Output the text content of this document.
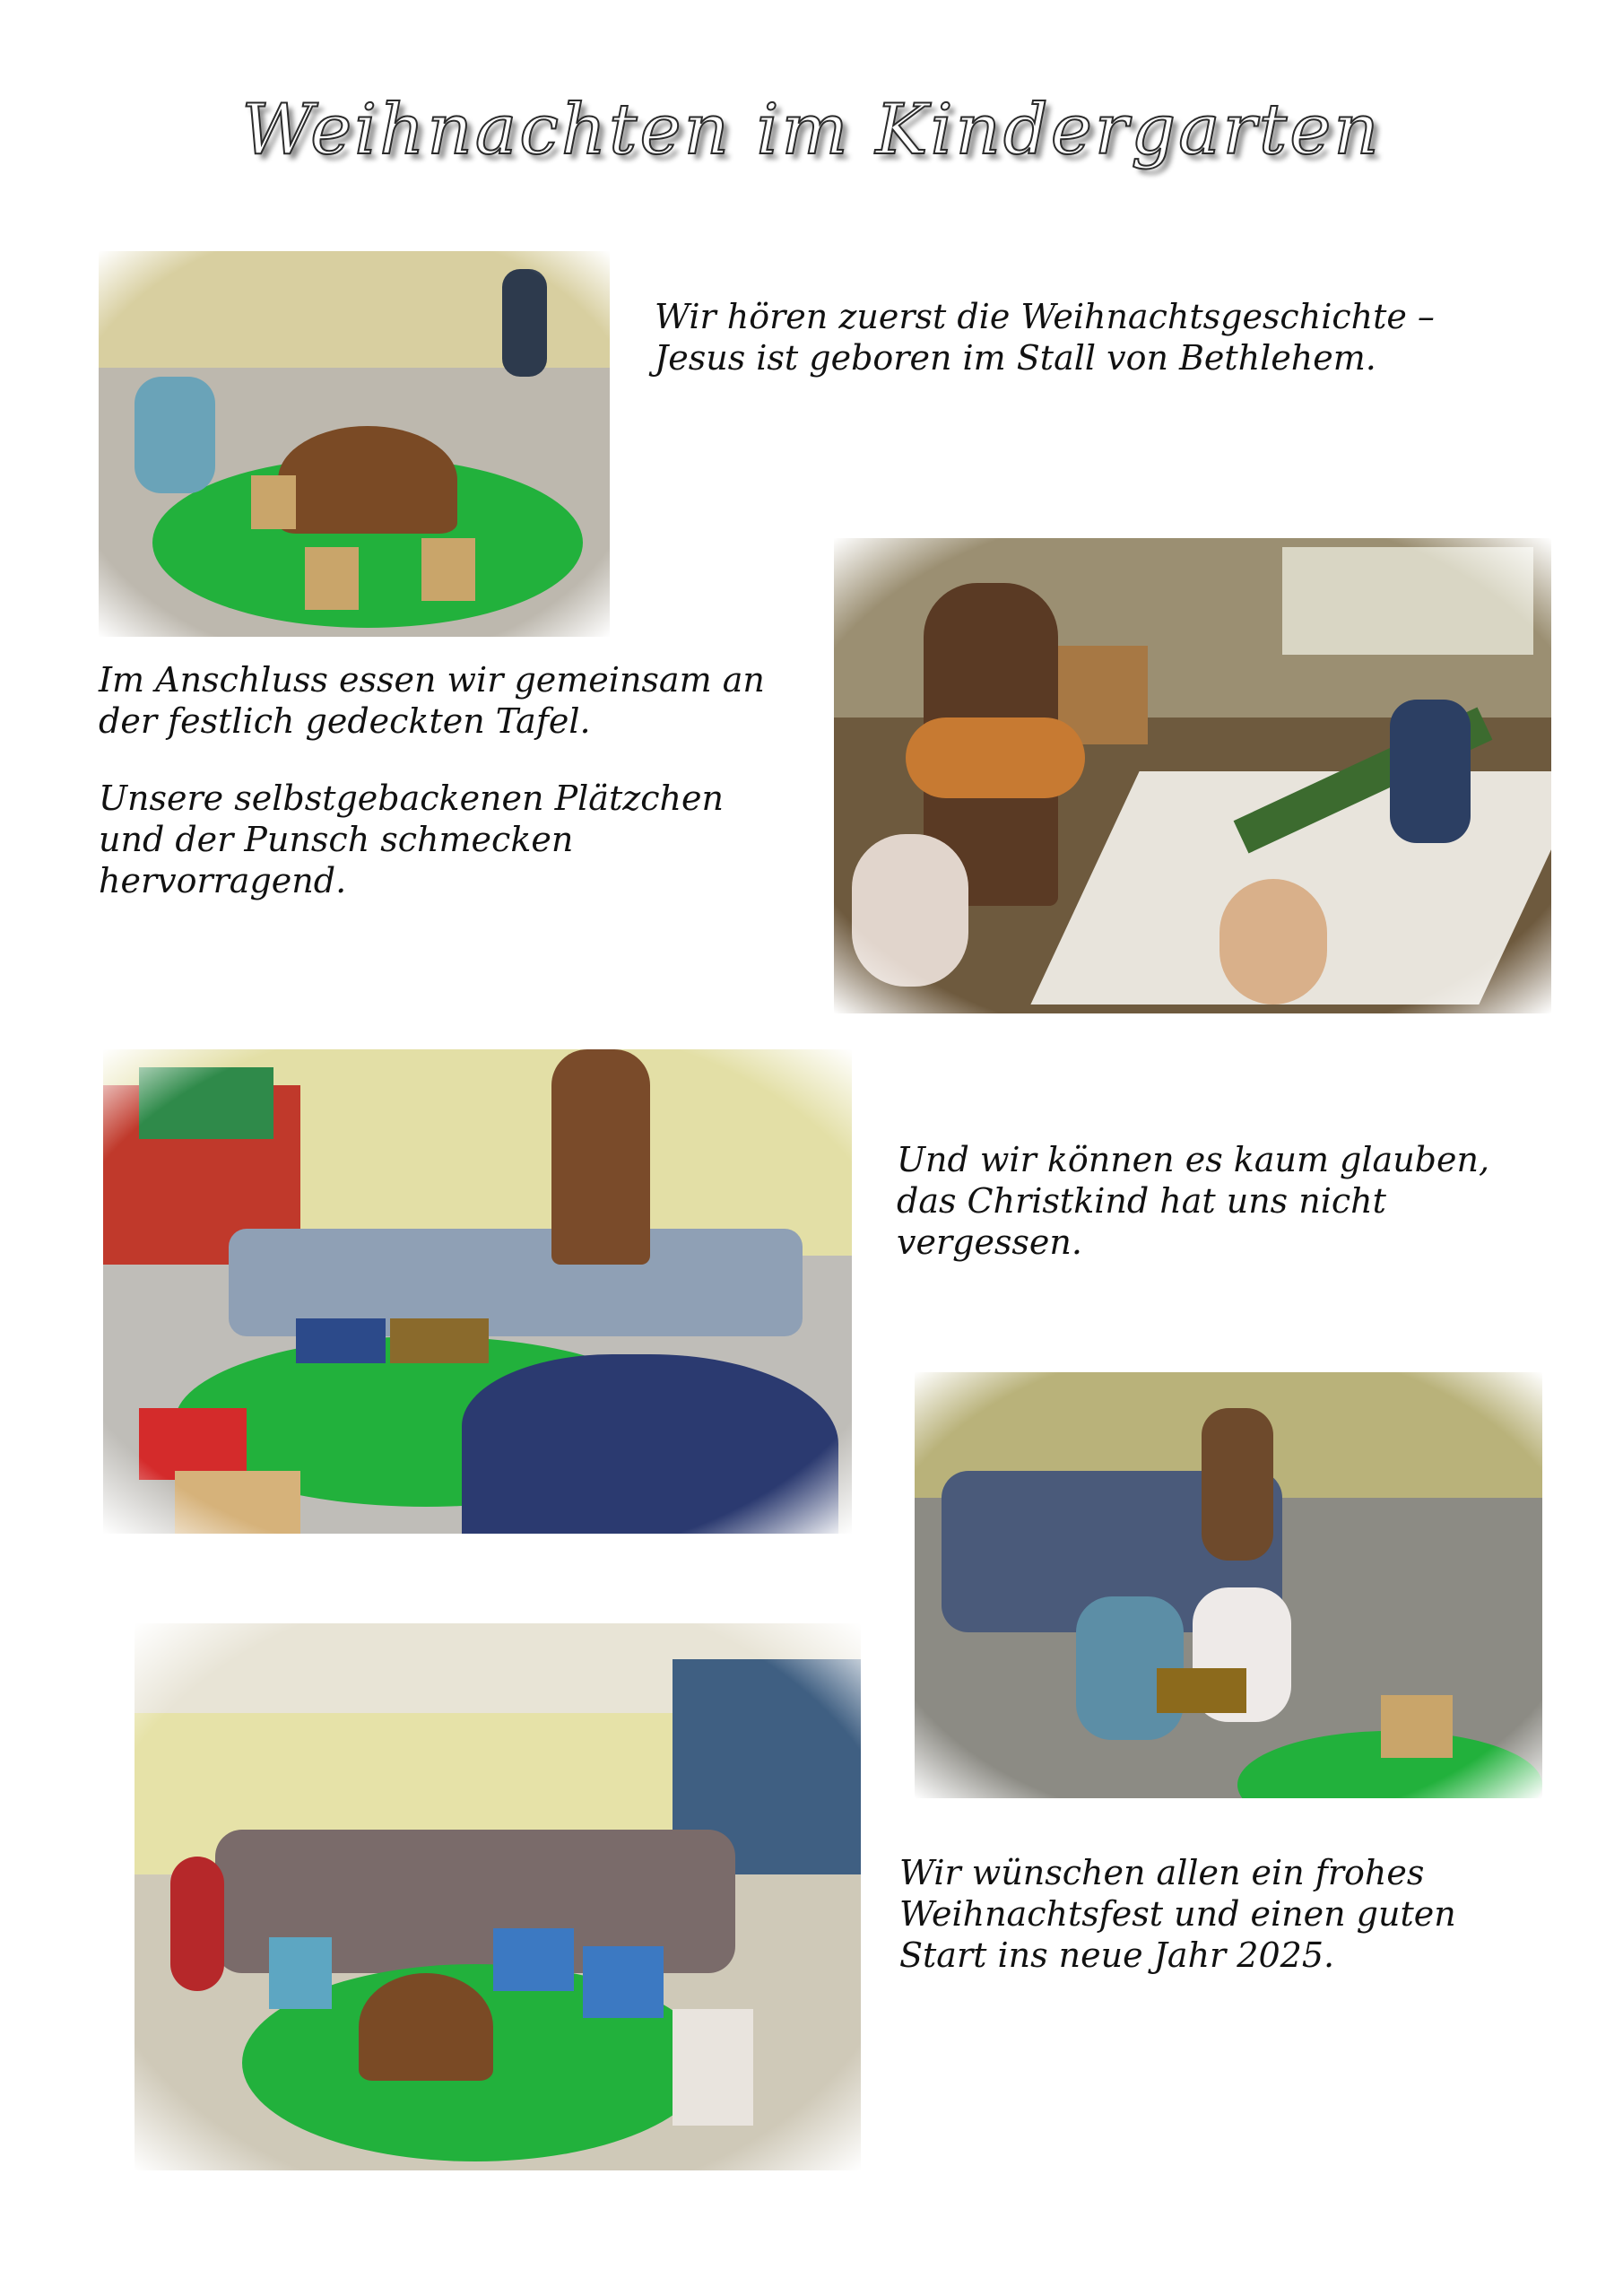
Weihnachten im Kindergarten
Wir hören zuerst die Weihnachtsgeschichte –
Jesus ist geboren im Stall von Bethlehem.

Im Anschluss essen wir gemeinsam an
der festlich gedeckten Tafel.

Unsere selbstgebackenen Plätzchen
und der Punsch schmecken
hervorragend.

Und wir können es kaum glauben,
das Christkind hat uns nicht
vergessen.
Wir wünschen allen ein frohes
Weihnachtsfest und einen guten
Start ins neue Jahr 2025.
